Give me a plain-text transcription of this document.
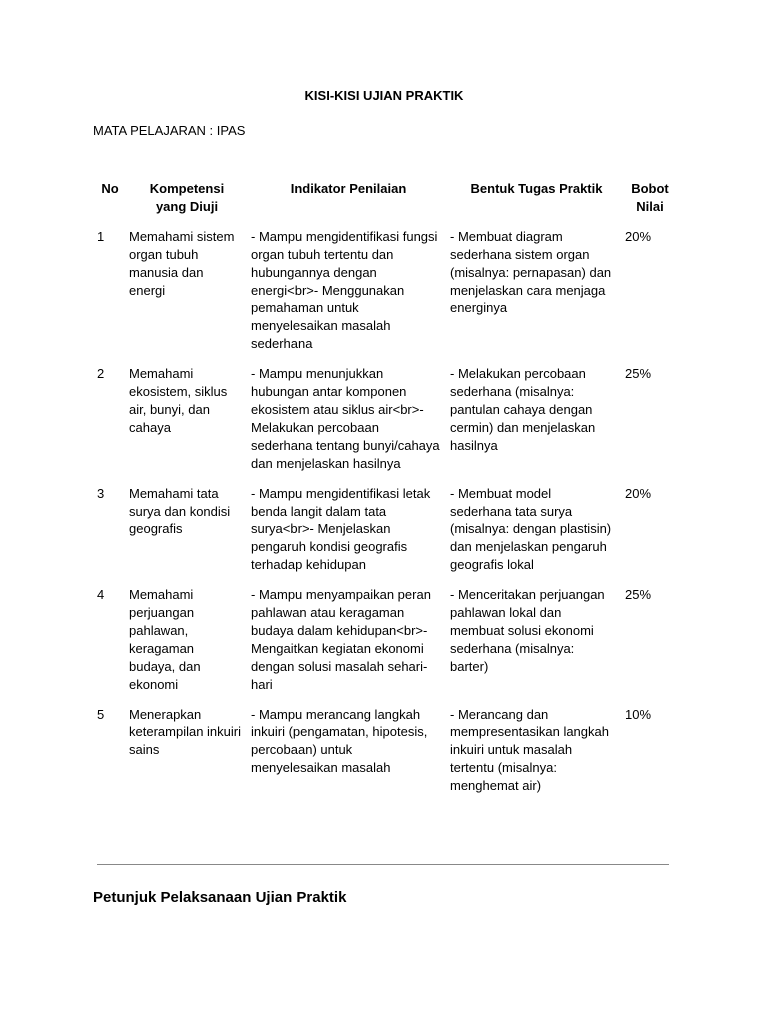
KISI-KISI UJIAN PRAKTIK
MATA PELAJARAN : IPAS
No	Kompetensi yang Diuji	Indikator Penilaian	Bentuk Tugas Praktik	Bobot Nilai
1	Memahami sistem organ tubuh manusia dan energi	- Mampu mengidentifikasi fungsi organ tubuh tertentu dan hubungannya dengan energi<br>- Menggunakan pemahaman untuk menyelesaikan masalah sederhana	- Membuat diagram sederhana sistem organ (misalnya: pernapasan) dan menjelaskan cara menjaga energinya	20%
2	Memahami ekosistem, siklus air, bunyi, dan cahaya	- Mampu menunjukkan hubungan antar komponen ekosistem atau siklus air<br>- Melakukan percobaan sederhana tentang bunyi/cahaya dan menjelaskan hasilnya	- Melakukan percobaan sederhana (misalnya: pantulan cahaya dengan cermin) dan menjelaskan hasilnya	25%
3	Memahami tata surya dan kondisi geografis	- Mampu mengidentifikasi letak benda langit dalam tata surya<br>- Menjelaskan pengaruh kondisi geografis terhadap kehidupan	- Membuat model sederhana tata surya (misalnya: dengan plastisin) dan menjelaskan pengaruh geografis lokal	20%
4	Memahami perjuangan pahlawan, keragaman budaya, dan ekonomi	- Mampu menyampaikan peran pahlawan atau keragaman budaya dalam kehidupan<br>- Mengaitkan kegiatan ekonomi dengan solusi masalah sehari-hari	- Menceritakan perjuangan pahlawan lokal dan membuat solusi ekonomi sederhana (misalnya: barter)	25%
5	Menerapkan keterampilan inkuiri sains	- Mampu merancang langkah inkuiri (pengamatan, hipotesis, percobaan) untuk menyelesaikan masalah	- Merancang dan mempresentasikan langkah inkuiri untuk masalah tertentu (misalnya: menghemat air)	10%
Petunjuk Pelaksanaan Ujian Praktik
